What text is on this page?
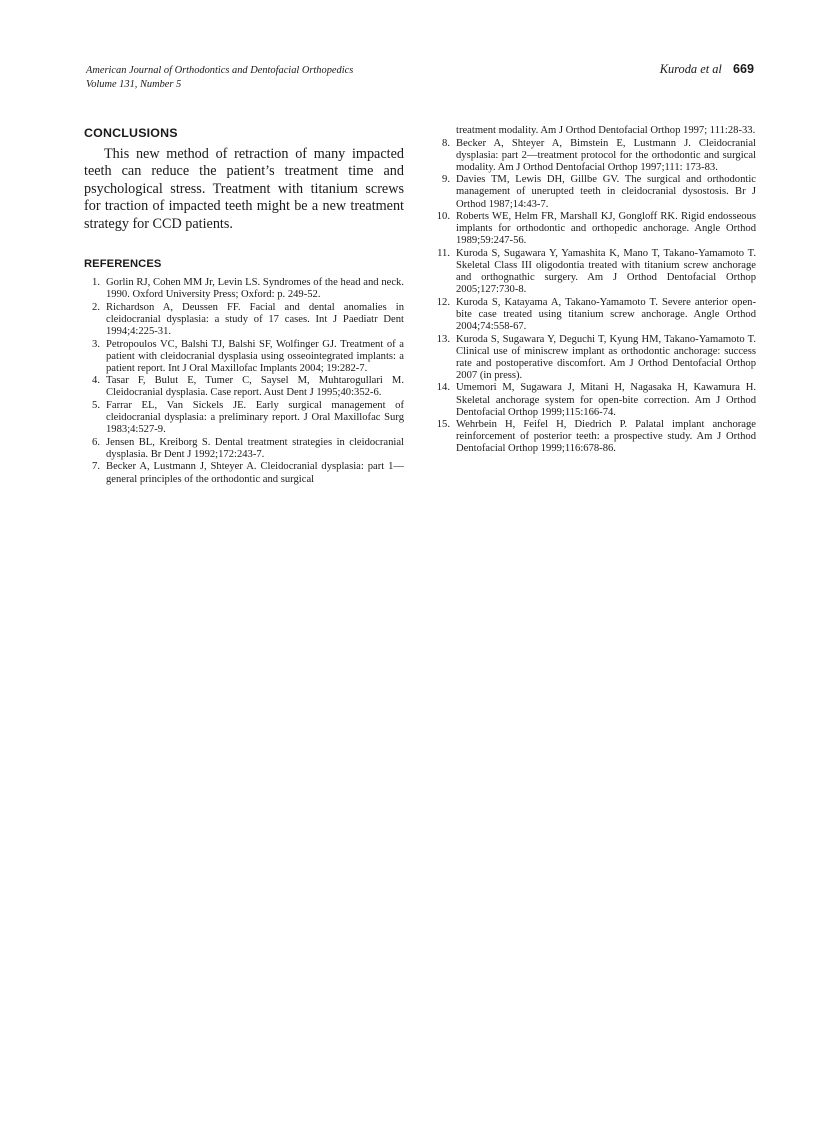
American Journal of Orthodontics and Dentofacial Orthopedics
Volume 131, Number 5
Kuroda et al 669
CONCLUSIONS

This new method of retraction of many impacted teeth can reduce the patient’s treatment time and psychological stress. Treatment with titanium screws for traction of impacted teeth might be a new treatment strategy for CCD patients.

REFERENCES
1. Gorlin RJ, Cohen MM Jr, Levin LS. Syndromes of the head and neck. 1990. Oxford University Press; Oxford: p. 249-52.
2. Richardson A, Deussen FF. Facial and dental anomalies in cleidocranial dysplasia: a study of 17 cases. Int J Paediatr Dent 1994;4:225-31.
3. Petropoulos VC, Balshi TJ, Balshi SF, Wolfinger GJ. Treatment of a patient with cleidocranial dysplasia using osseointegrated implants: a patient report. Int J Oral Maxillofac Implants 2004; 19:282-7.
4. Tasar F, Bulut E, Tumer C, Saysel M, Muhtarogullari M. Cleidocranial dysplasia. Case report. Aust Dent J 1995;40:352-6.
5. Farrar EL, Van Sickels JE. Early surgical management of cleidocranial dysplasia: a preliminary report. J Oral Maxillofac Surg 1983;4:527-9.
6. Jensen BL, Kreiborg S. Dental treatment strategies in cleidocranial dysplasia. Br Dent J 1992;172:243-7.
7. Becker A, Lustmann J, Shteyer A. Cleidocranial dysplasia: part 1—general principles of the orthodontic and surgical
treatment modality. Am J Orthod Dentofacial Orthop 1997; 111:28-33.
8. Becker A, Shteyer A, Bimstein E, Lustmann J. Cleidocranial dysplasia: part 2—treatment protocol for the orthodontic and surgical modality. Am J Orthod Dentofacial Orthop 1997;111: 173-83.
9. Davies TM, Lewis DH, Gillbe GV. The surgical and orthodontic management of unerupted teeth in cleidocranial dysostosis. Br J Orthod 1987;14:43-7.
10. Roberts WE, Helm FR, Marshall KJ, Gongloff RK. Rigid endosseous implants for orthodontic and orthopedic anchorage. Angle Orthod 1989;59:247-56.
11. Kuroda S, Sugawara Y, Yamashita K, Mano T, Takano-Yamamoto T. Skeletal Class III oligodontia treated with titanium screw anchorage and orthognathic surgery. Am J Orthod Dentofacial Orthop 2005;127:730-8.
12. Kuroda S, Katayama A, Takano-Yamamoto T. Severe anterior open-bite case treated using titanium screw anchorage. Angle Orthod 2004;74:558-67.
13. Kuroda S, Sugawara Y, Deguchi T, Kyung HM, Takano-Yamamoto T. Clinical use of miniscrew implant as orthodontic anchorage: success rate and postoperative discomfort. Am J Orthod Dentofacial Orthop 2007 (in press).
14. Umemori M, Sugawara J, Mitani H, Nagasaka H, Kawamura H. Skeletal anchorage system for open-bite correction. Am J Orthod Dentofacial Orthop 1999;115:166-74.
15. Wehrbein H, Feifel H, Diedrich P. Palatal implant anchorage reinforcement of posterior teeth: a prospective study. Am J Orthod Dentofacial Orthop 1999;116:678-86.
